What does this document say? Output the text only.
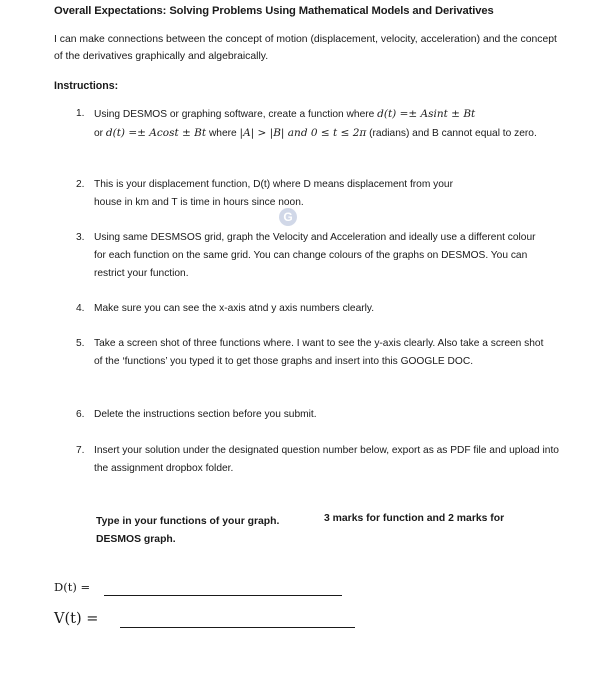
Overall Expectations: Solving Problems Using Mathematical Models and Derivatives
I can make connections between the concept of motion (displacement, velocity, acceleration) and the concept of the derivatives graphically and algebraically.
Instructions:
1. Using DESMOS or graphing software, create a function where d(t) =± Asint ± Bt
or d(t) =± Acost ± Bt where |A| > |B| and 0 ≤ t ≤ 2π (radians) and B cannot equal to zero.
2. This is your displacement function, D(t) where D means displacement from your house in km and T is time in hours since noon.
G
3. Using same DESMSOS grid, graph the Velocity and Acceleration and ideally use a different colour for each function on the same grid. You can change colours of the graphs on DESMOS. You can restrict your function.
4. Make sure you can see the x-axis atnd y axis numbers clearly.
5. Take a screen shot of three functions where. I want to see the y-axis clearly. Also take a screen shot of the ‘functions’ you typed it to get those graphs and insert into this GOOGLE DOC.
6. Delete the instructions section before you submit.
7. Insert your solution under the designated question number below, export as as PDF file and upload into the assignment dropbox folder.
Type in your functions of your graph. DESMOS graph.
3 marks for function and 2 marks for
D(t) =
V(t) =
